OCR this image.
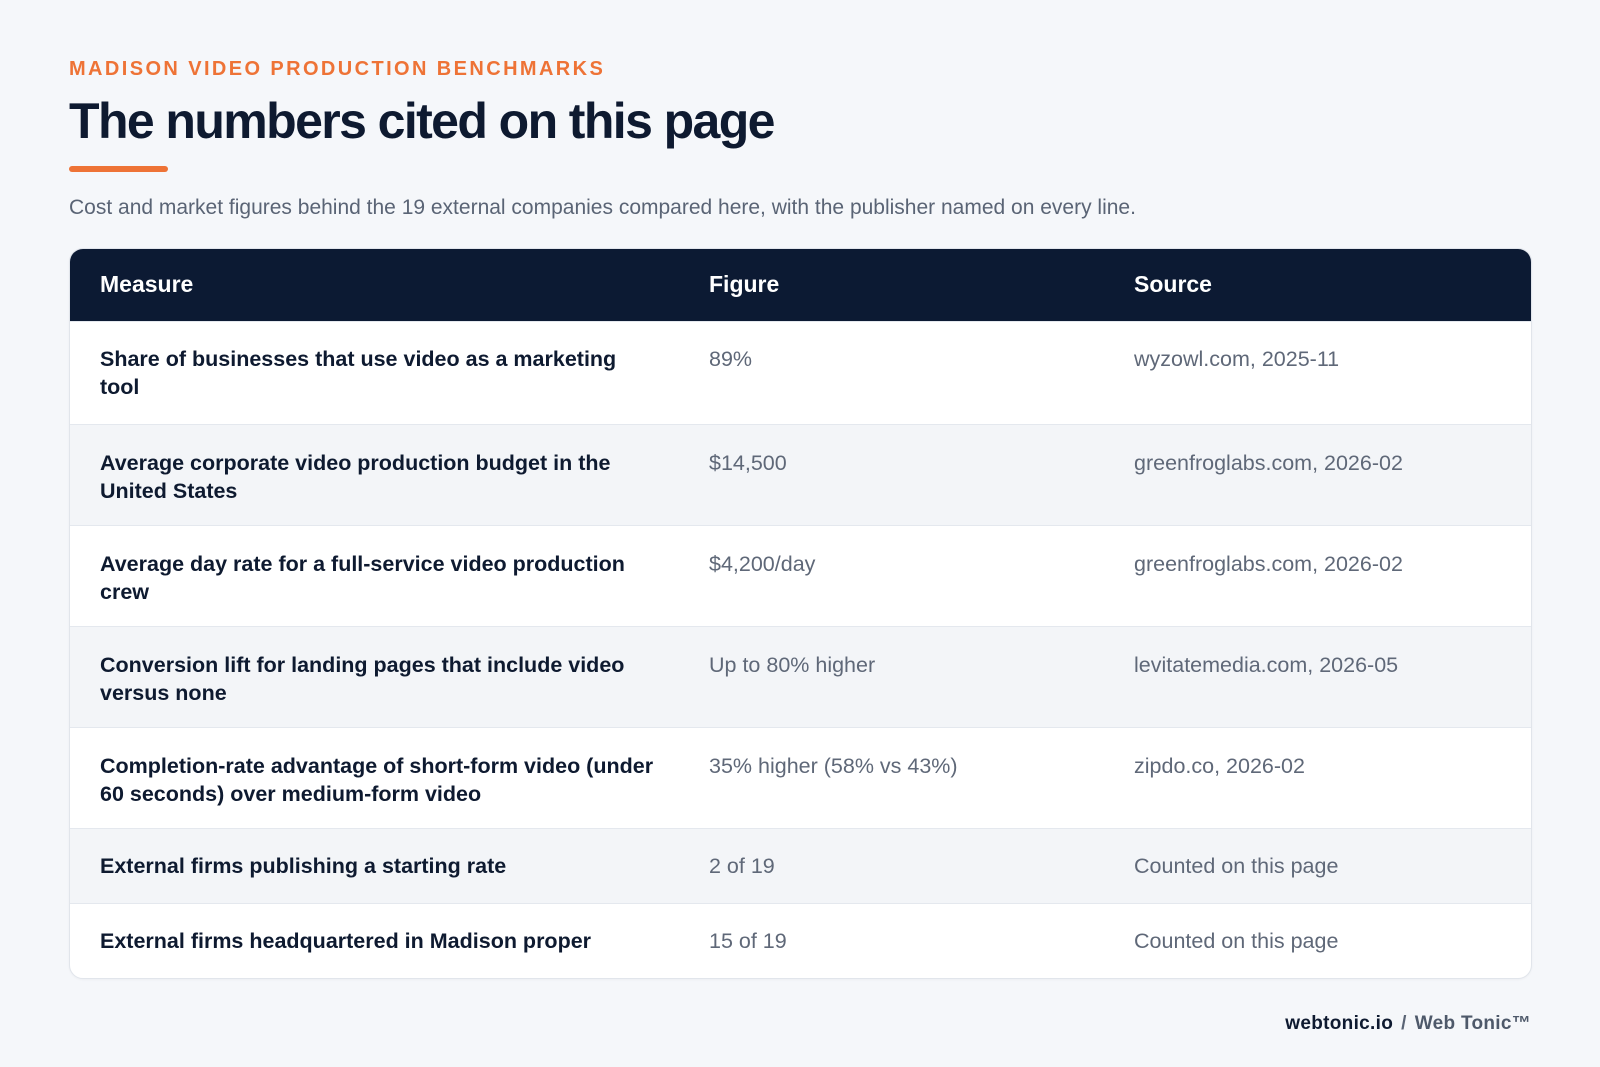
MADISON VIDEO PRODUCTION BENCHMARKS
The numbers cited on this page
Cost and market figures behind the 19 external companies compared here, with the publisher named on every line.
Measure	Figure	Source
Share of businesses that use video as a marketing tool	89%	wyzowl.com, 2025-11
Average corporate video production budget in the United States	$14,500	greenfroglabs.com, 2026-02
Average day rate for a full-service video production crew	$4,200/day	greenfroglabs.com, 2026-02
Conversion lift for landing pages that include video versus none	Up to 80% higher	levitatemedia.com, 2026-05
Completion-rate advantage of short-form video (under 60 seconds) over medium-form video	35% higher (58% vs 43%)	zipdo.co, 2026-02
External firms publishing a starting rate	2 of 19	Counted on this page
External firms headquartered in Madison proper	15 of 19	Counted on this page
webtonic.io / Web Tonic™
